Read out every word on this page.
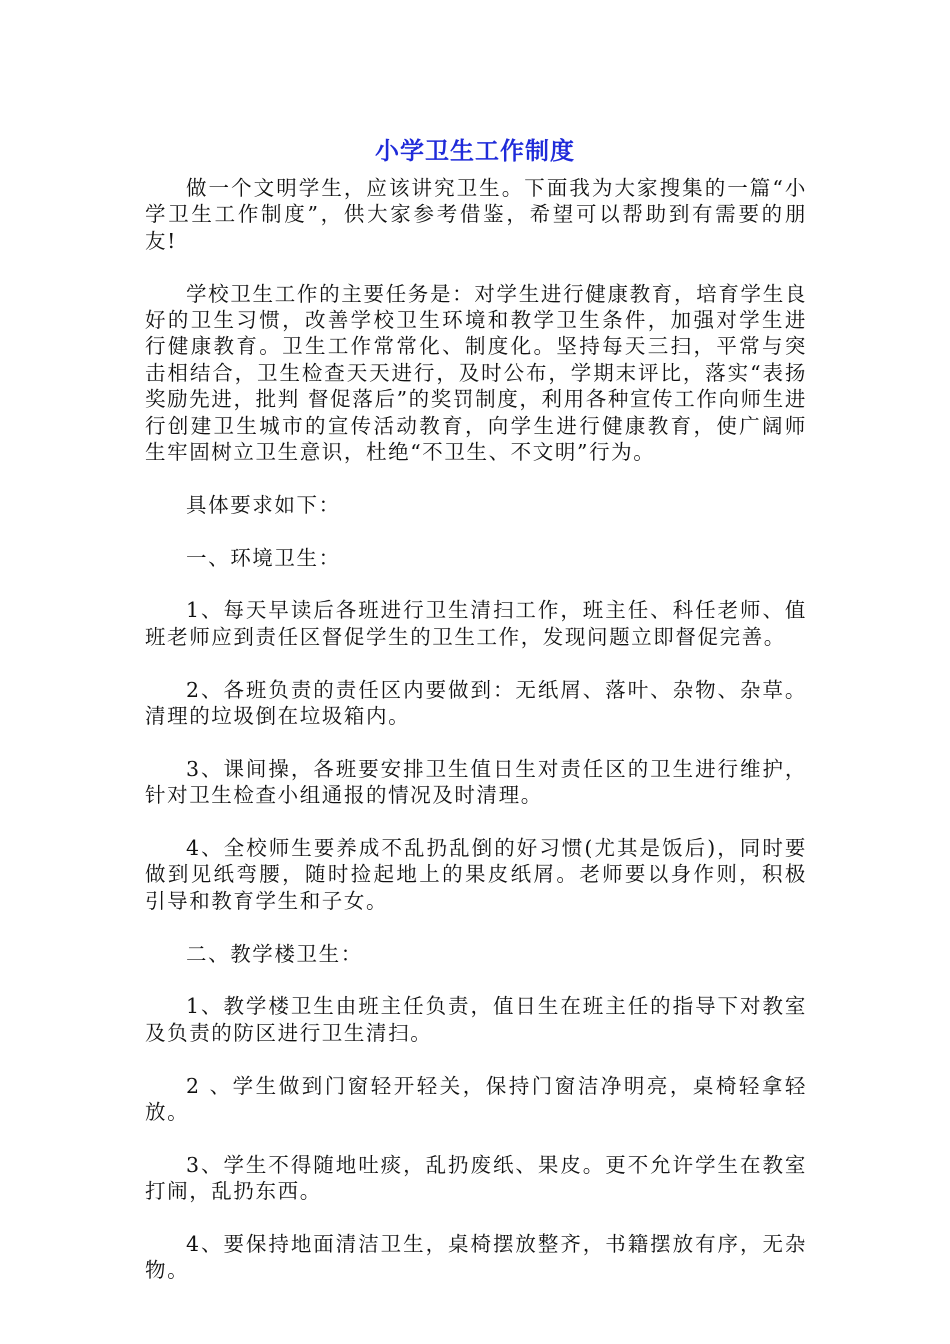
小学卫生工作制度

做一个文明学生，应该讲究卫生。下面我为大家搜集的一篇“小学卫生工作制度”，供大家参考借鉴，希望可以帮助到有需要的朋友!

学校卫生工作的主要任务是：对学生进行健康教育，培育学生良好的卫生习惯，改善学校卫生环境和教学卫生条件，加强对学生进行健康教育。卫生工作常常化、制度化。坚持每天三扫，平常与突击相结合，卫生检查天天进行，及时公布，学期末评比，落实“表扬奖励先进，批判 督促落后”的奖罚制度，利用各种宣传工作向师生进行创建卫生城市的宣传活动教育，向学生进行健康教育，使广阔师生牢固树立卫生意识，杜绝“不卫生、不文明”行为。

具体要求如下：

一、环境卫生：

1、每天早读后各班进行卫生清扫工作，班主任、科任老师、值班老师应到责任区督促学生的卫生工作，发现问题立即督促完善。

2、各班负责的责任区内要做到：无纸屑、落叶、杂物、杂草。清理的垃圾倒在垃圾箱内。

3、课间操，各班要安排卫生值日生对责任区的卫生进行维护，针对卫生检查小组通报的情况及时清理。

4、全校师生要养成不乱扔乱倒的好习惯(尤其是饭后)，同时要做到见纸弯腰，随时捡起地上的果皮纸屑。老师要以身作则，积极引导和教育学生和子女。

二、教学楼卫生：

1、教学楼卫生由班主任负责，值日生在班主任的指导下对教室及负责的防区进行卫生清扫。

2 、学生做到门窗轻开轻关，保持门窗洁净明亮，桌椅轻拿轻放。

3、学生不得随地吐痰，乱扔废纸、果皮。更不允许学生在教室打闹，乱扔东西。

4、要保持地面清洁卫生，桌椅摆放整齐，书籍摆放有序，无杂物。
